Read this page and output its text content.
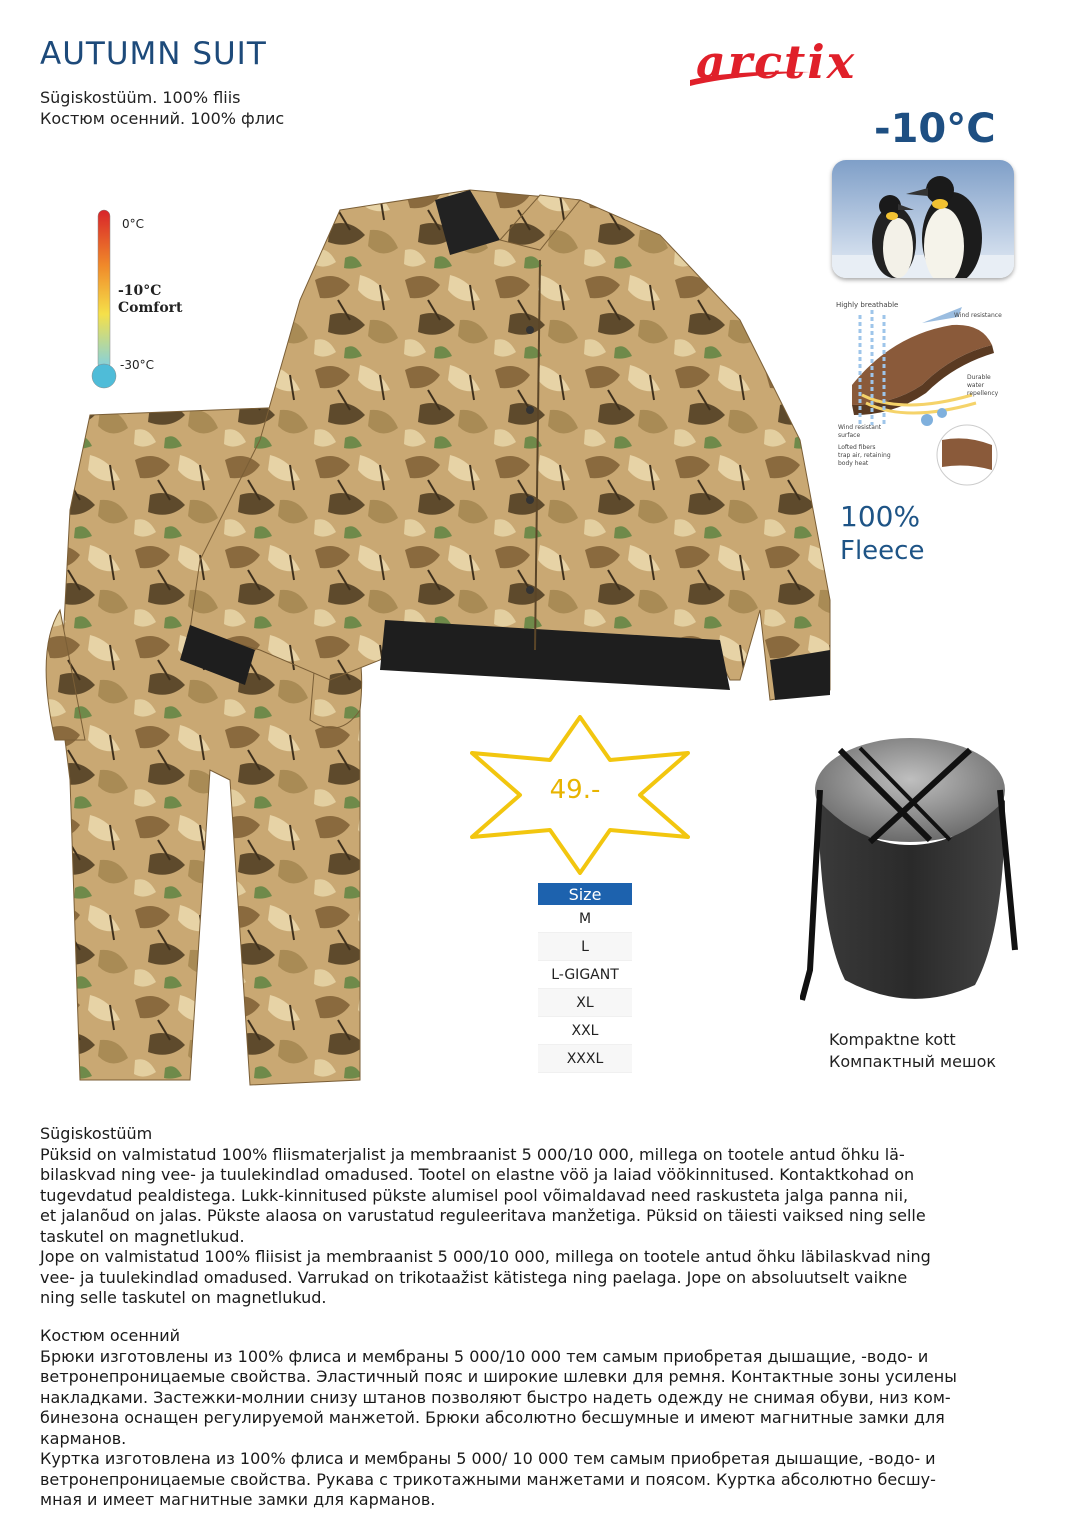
AUTUMN SUIT
Sügiskostüüm. 100% fliis
Костюм осенний. 100% флис
arctix
-10°C
Highly breathable
Wind resistance
Durable
water
repellency
Wind resistant
surface
Lofted fibers
trap air, retaining
body heat
100%
Fleece
0°C
-10°C
Comfort
-30°C
49.-
Size
M
L
L-GIGANT
XL
XXL
XXXL
Kompaktne kott
Компактный мешок

Sügiskostüüm

Püksid on valmistatud 100% fliismaterjalist ja membraanist 5 000/10 000, millega on tootele antud õhku lä-

bilaskvad ning vee- ja tuulekindlad omadused. Tootel on elastne vöö ja laiad vöökinnitused. Kontaktkohad on

tugevdatud pealdistega. Lukk-kinnitused pükste alumisel pool võimaldavad need raskusteta jalga panna nii,

et jalanõud on jalas. Pükste alaosa on varustatud reguleeritava manžetiga. Püksid on täiesti vaiksed ning selle

taskutel on magnetlukud.

Jope on valmistatud 100% fliisist ja membraanist 5 000/10 000, millega on tootele antud õhku läbilaskvad ning

vee- ja tuulekindlad omadused. Varrukad on trikotaažist kätistega ning paelaga. Jope on absoluutselt vaikne

ning selle taskutel on magnetlukud.

Костюм осенний

Брюки изготовлены из 100% флиса и мембраны 5 000/10 000 тем самым приобретая дышащие, -водо- и

ветронепроницаемые свойства. Эластичный пояс и широкие шлевки для ремня. Контактные зоны усилены

накладками. Застежки-молнии снизу штанов позволяют быстро надеть одежду не снимая обуви, низ ком-

бинезона оснащен регулируемой манжетой. Брюки абсолютно бесшумные и имеют магнитные замки для

карманов.

Куртка изготовлена из 100% флиса и мембраны 5 000/ 10 000 тем самым приобретая дышащие, -водо- и

ветронепроницаемые свойства. Рукава с трикотажными манжетами и поясом. Куртка абсолютно бесшу-

мная и имеет магнитные замки для карманов.
